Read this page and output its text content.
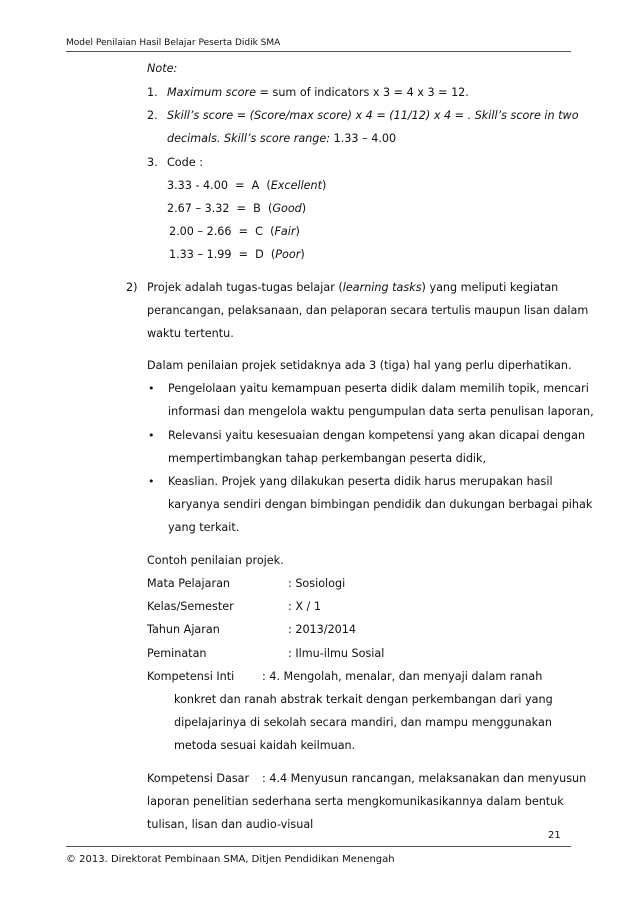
Model Penilaian Hasil Belajar Peserta Didik SMA
Note:
1. Maximum score = sum of indicators x 3 = 4 x 3 = 12.
2. Skill’s score = (Score/max score) x 4 = (11/12) x 4 = . Skill’s score in two
decimals. Skill’s score range: 1.33 – 4.00
3. Code :
3.33 - 4.00 = A  (Excellent)
2.67 – 3.32 = B  (Good)
2.00 – 2.66 = C  (Fair)
1.33 – 1.99 = D  (Poor)
2) Projek adalah tugas-tugas belajar (learning tasks) yang meliputi kegiatan
perancangan, pelaksanaan, dan pelaporan secara tertulis maupun lisan dalam
waktu tertentu.
Dalam penilaian projek setidaknya ada 3 (tiga) hal yang perlu diperhatikan.
• Pengelolaan yaitu kemampuan peserta didik dalam memilih topik, mencari
informasi dan mengelola waktu pengumpulan data serta penulisan laporan,
• Relevansi yaitu kesesuaian dengan kompetensi yang akan dicapai dengan
mempertimbangkan tahap perkembangan peserta didik,
• Keaslian. Projek yang dilakukan peserta didik harus merupakan hasil
karyanya sendiri dengan bimbingan pendidik dan dukungan berbagai pihak
yang terkait.
Contoh penilaian projek.
Mata Pelajaran	: Sosiologi
Kelas/Semester	: X / 1
Tahun Ajaran	: 2013/2014
Peminatan	: Ilmu-ilmu Sosial
Kompetensi Inti : 4. Mengolah, menalar, dan menyaji dalam ranah
konkret dan ranah abstrak terkait dengan perkembangan dari yang
dipelajarinya di sekolah secara mandiri, dan mampu menggunakan
metoda sesuai kaidah keilmuan.
Kompetensi Dasar : 4.4 Menyusun rancangan, melaksanakan dan menyusun
laporan penelitian sederhana serta mengkomunikasikannya dalam bentuk
tulisan, lisan dan audio-visual
21
© 2013. Direktorat Pembinaan SMA, Ditjen Pendidikan Menengah
